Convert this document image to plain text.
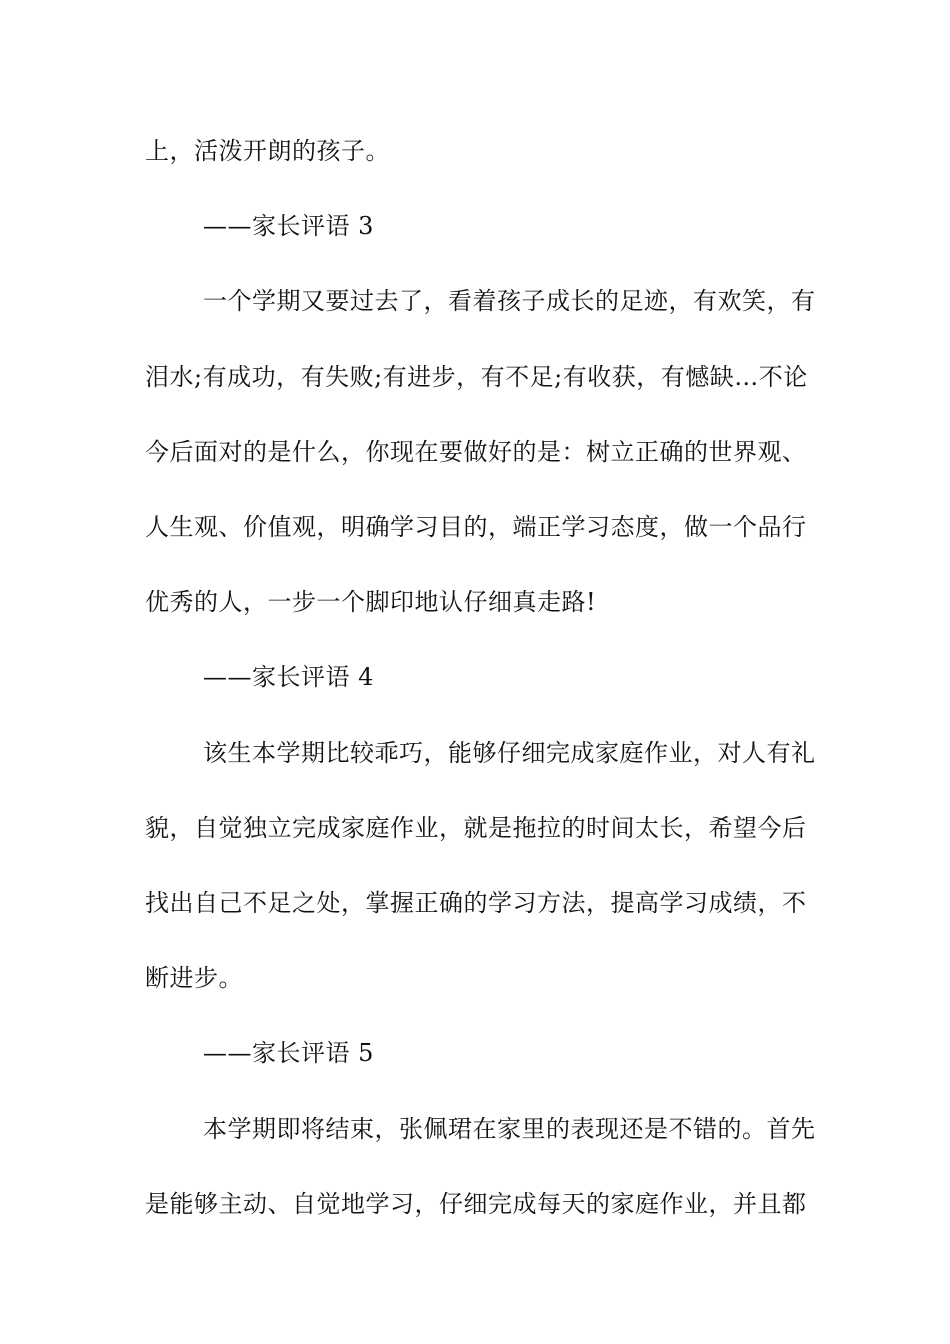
上，活泼开朗的孩子。
——家长评语 3
一个学期又要过去了，看着孩子成长的足迹，有欢笑，有
泪水;有成功，有失败;有进步，有不足;有收获，有憾缺…不论
今后面对的是什么，你现在要做好的是：树立正确的世界观、
人生观、价值观，明确学习目的，端正学习态度，做一个品行
优秀的人，一步一个脚印地认仔细真走路!
——家长评语 4
该生本学期比较乖巧，能够仔细完成家庭作业，对人有礼
貌，自觉独立完成家庭作业，就是拖拉的时间太长，希望今后
找出自己不足之处，掌握正确的学习方法，提高学习成绩，不
断进步。
——家长评语 5
本学期即将结束，张佩珺在家里的表现还是不错的。首先
是能够主动、自觉地学习，仔细完成每天的家庭作业，并且都
